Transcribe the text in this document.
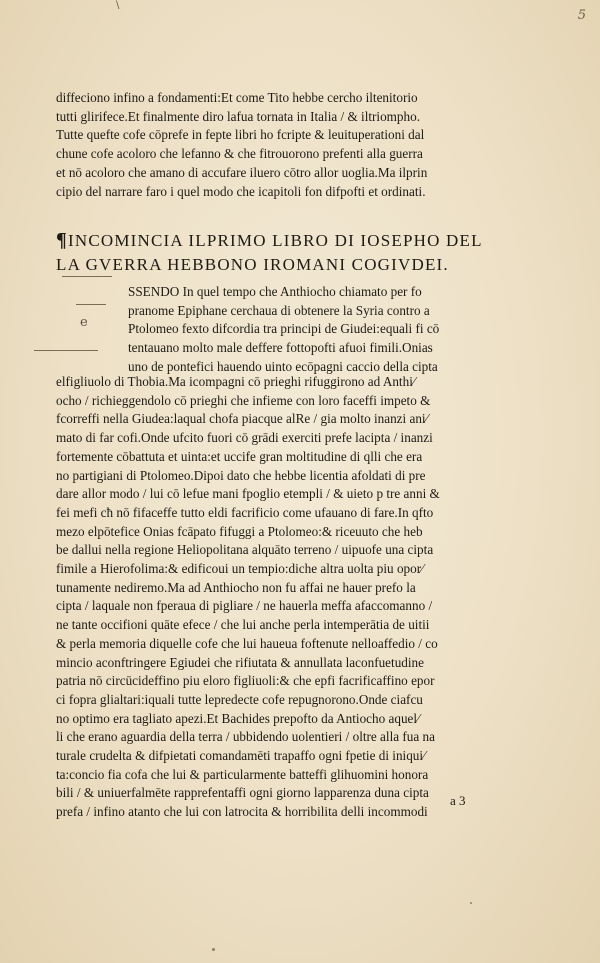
\
5
diffeciono infino a fondamenti:Et come Tito hebbe cercho iltenitorio
tutti glirifece.Et finalmente diro lafua tornata in Italia / & iltriompho.
Tutte quefte cofe cōprefe in fepte libri ho fcripte & leuituperationi dal
chune cofe acoloro che lefanno & che fitrouorono prefenti alla guerra
et nō acoloro che amano di accufare iluero cōtro allor uoglia.Ma ilprin
cipio del narrare faro i quel modo che icapitoli fon difpofti et ordinati.
¶INCOMINCIA ILPRIMO LIBRO DI IOSEPHO DEL
LA GVERRA HEBBONO IROMANI COGIVDEI.
e
SSENDO In quel tempo che Anthiocho chiamato per fo
pranome Epiphane cerchaua di obtenere la Syria contro a
Ptolomeo fexto difcordia tra principi de Giudei:equali fi cō
tentauano molto male deffere fottopofti afuoi fimili.Onias
uno de pontefici hauendo uinto ecōpagni caccio della cipta
elfigliuolo di Thobia.Ma icompagni cō prieghi rifuggirono ad Anthi⁄
ocho / richieggendolo cō prieghi che infieme con loro faceffi impeto &
fcorreffi nella Giudea:laqual chofa piacque alRe / gia molto inanzi ani⁄
mato di far cofi.Onde ufcito fuori cō grādi exerciti prefe lacipta / inanzi
fortemente cōbattuta et uinta:et uccife gran moltitudine di qlli che era
no partigiani di Ptolomeo.Dipoi dato che hebbe licentia afoldati di pre
dare allor modo / lui cō lefue mani fpoglio etempli / & uieto p tre anni &
fei mefi cħ nō fifaceffe tutto eldi facrificio come ufauano di fare.In qfto
mezo elpōtefice Onias fcāpato fifuggi a Ptolomeo:& riceuuto che heb
be dallui nella regione Heliopolitana alquāto terreno / uipuofe una cipta
fimile a Hierofolima:& edificoui un tempio:diche altra uolta piu opor⁄
tunamente nediremo.Ma ad Anthiocho non fu affai ne hauer prefo la
cipta / laquale non fperaua di pigliare / ne hauerla meffa afaccomanno /
ne tante occifioni quāte efece / che lui anche perla intemperātia de uitii
& perla memoria diquelle cofe che lui haueua foftenute nelloaffedio / co
mincio aconftringere Egiudei che rifiutata & annullata laconfuetudine
patria nō circūcideffino piu eloro figliuoli:& che epfi facrificaffino epor
ci fopra glialtari:iquali tutte lepredecte cofe repugnorono.Onde ciafcu
no optimo era tagliato apezi.Et Bachides prepofto da Antiocho aquel⁄
li che erano aguardia della terra / ubbidendo uolentieri / oltre alla fua na
turale crudelta & difpietati comandamēti trapaffo ogni fpetie di iniqui⁄
ta:concio fia cofa che lui & particularmente batteffi glihuomini honora
bili / & uniuerfalmēte rapprefentaffi ogni giorno lapparenza duna cipta
prefa / infino atanto che lui con latrocita & horribilita delli incommodi
a 3
